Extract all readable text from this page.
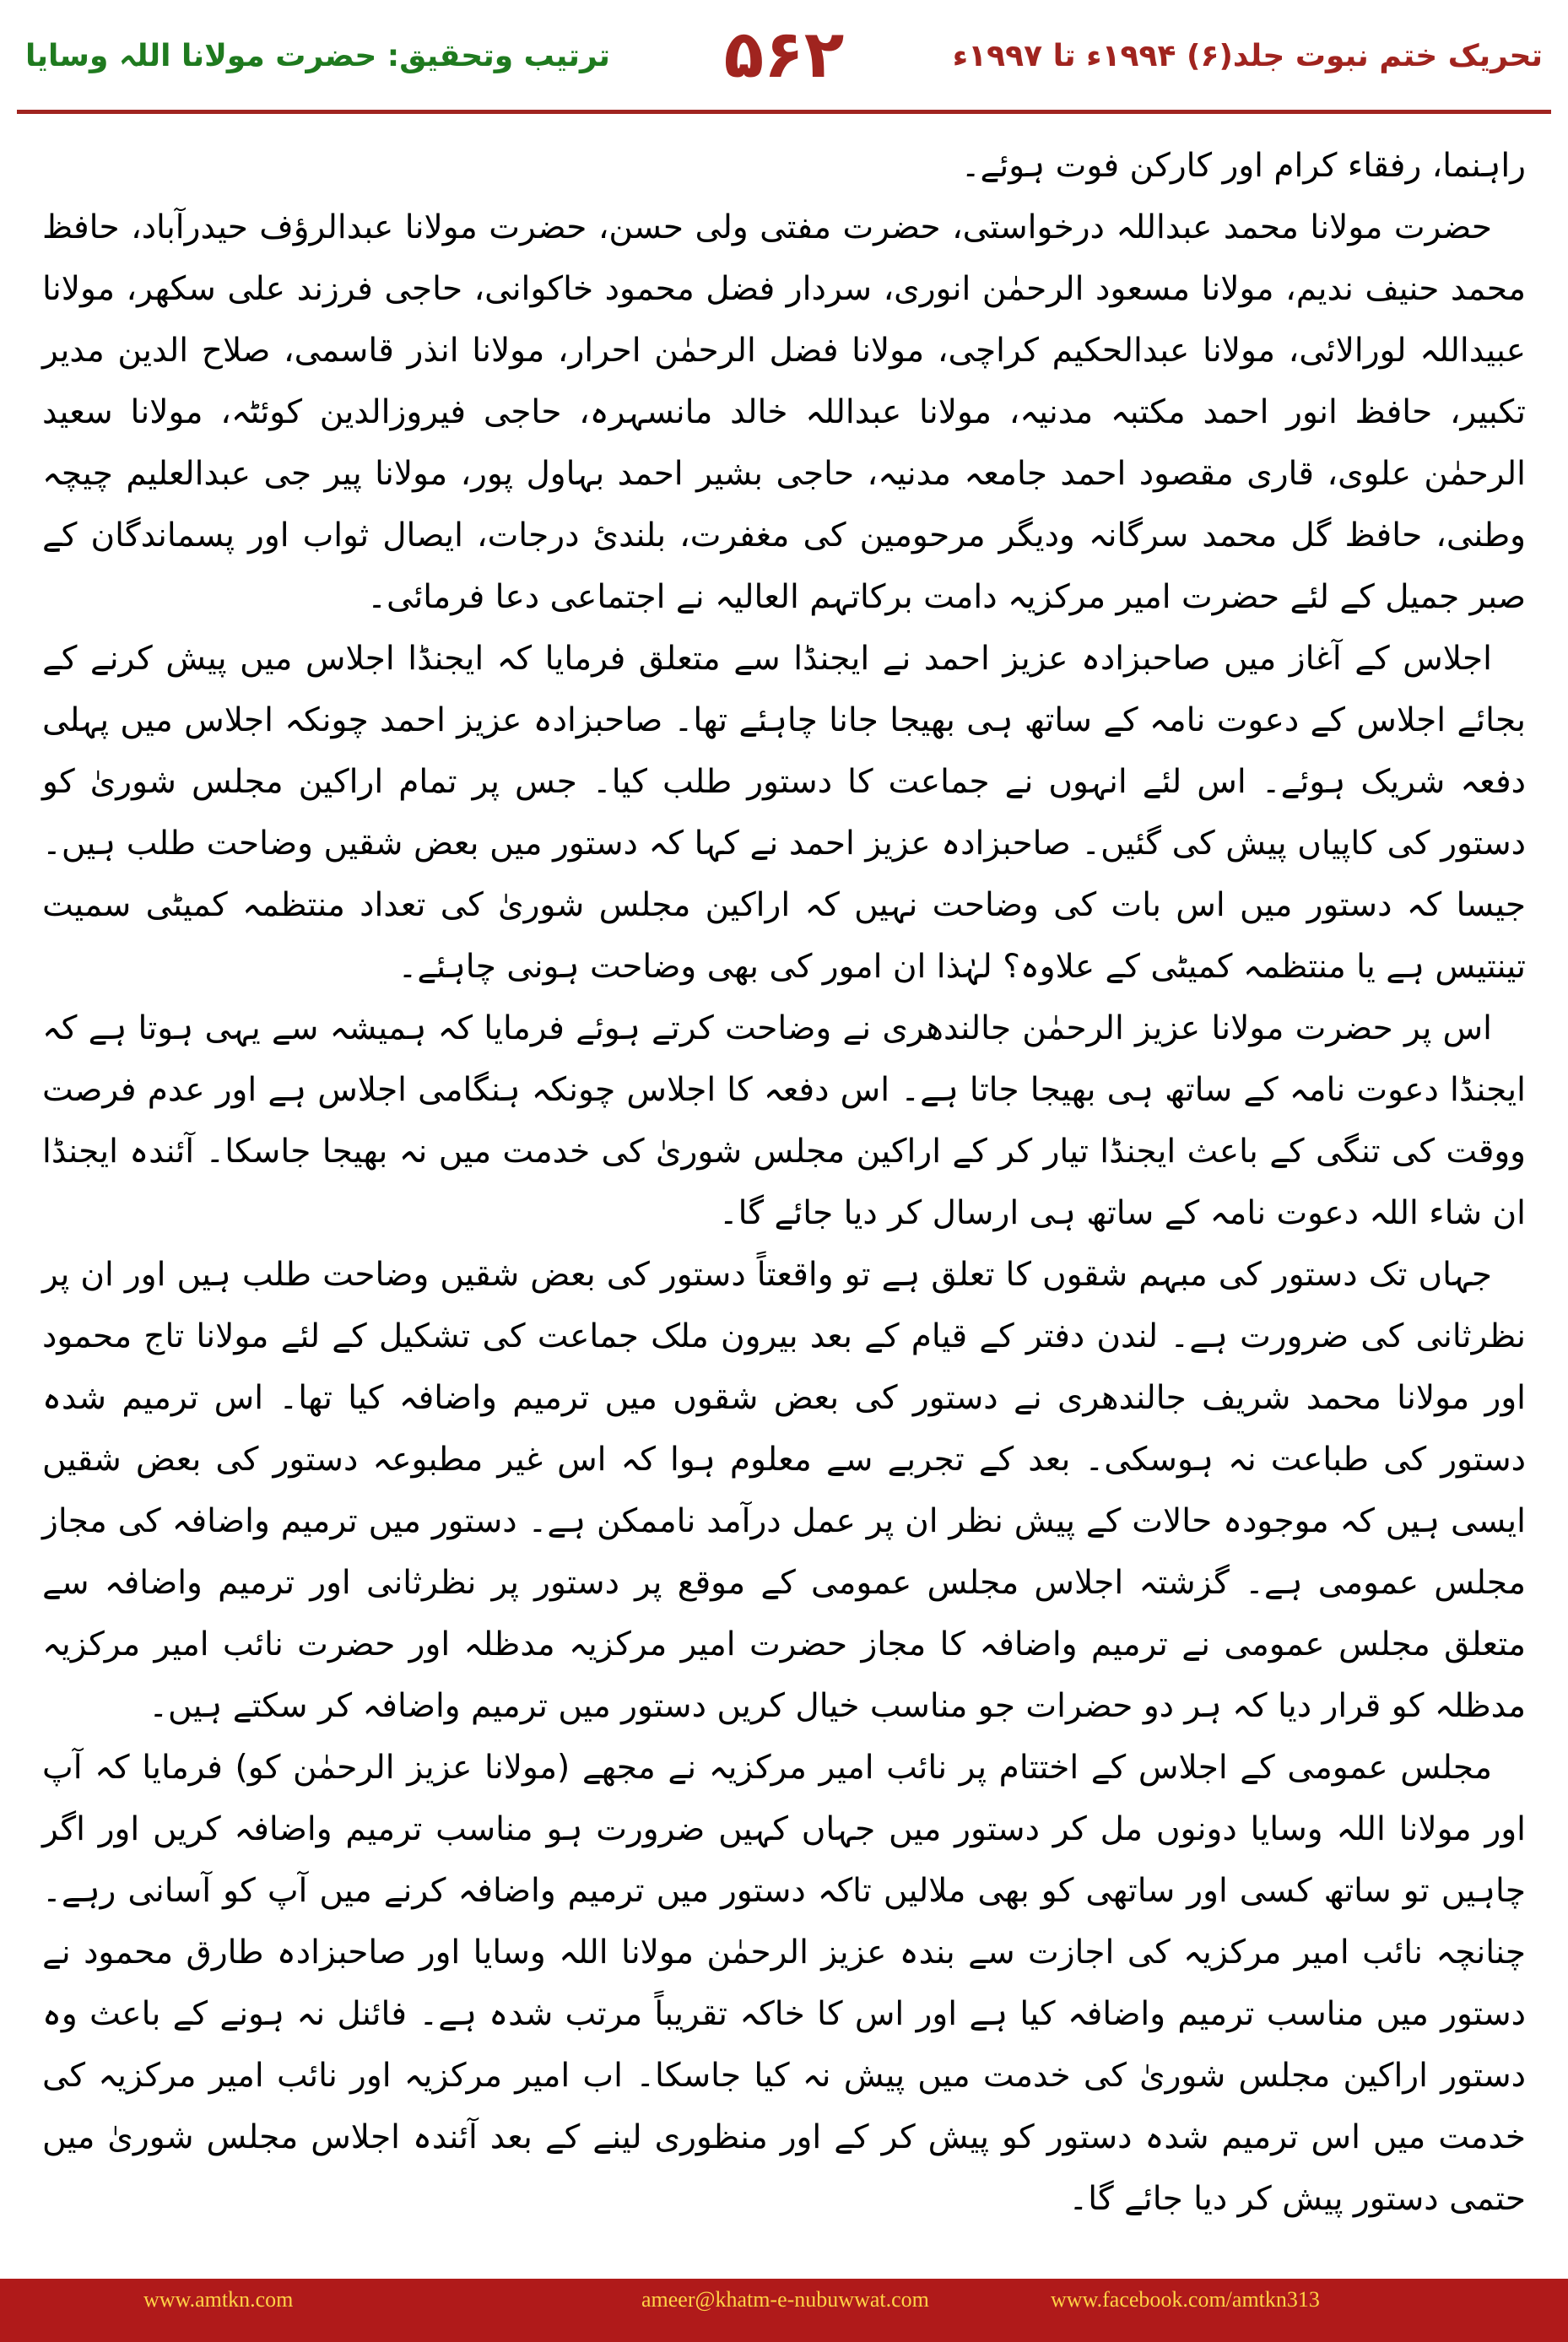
ترتیب وتحقیق: حضرت مولانا اللہ وسایا	۵۶۲	تحریک ختم نبوت جلد(۶) ۱۹۹۴ء تا ۱۹۹۷ء

راہنما، رفقاء کرام اور کارکن فوت ہوئے۔

حضرت مولانا محمد عبداللہ درخواستی، حضرت مفتی ولی حسن، حضرت مولانا عبدالرؤف حیدرآباد، حافظ محمد حنیف ندیم، مولانا مسعود الرحمٰن انوری، سردار فضل محمود خاکوانی، حاجی فرزند علی سکھر، مولانا عبیداللہ لورالائی، مولانا عبدالحکیم کراچی، مولانا فضل الرحمٰن احرار، مولانا انذر قاسمی، صلاح الدین مدیر تکبیر، حافظ انور احمد مکتبہ مدنیہ، مولانا عبداللہ خالد مانسہرہ، حاجی فیروزالدین کوئٹہ، مولانا سعید الرحمٰن علوی، قاری مقصود احمد جامعہ مدنیہ، حاجی بشیر احمد بہاول پور، مولانا پیر جی عبدالعلیم چیچہ وطنی، حافظ گل محمد سرگانہ ودیگر مرحومین کی مغفرت، بلندئ درجات، ایصال ثواب اور پسماندگان کے صبر جمیل کے لئے حضرت امیر مرکزیہ دامت برکاتہم العالیہ نے اجتماعی دعا فرمائی۔

اجلاس کے آغاز میں صاحبزادہ عزیز احمد نے ایجنڈا سے متعلق فرمایا کہ ایجنڈا اجلاس میں پیش کرنے کے بجائے اجلاس کے دعوت نامہ کے ساتھ ہی بھیجا جانا چاہئے تھا۔ صاحبزادہ عزیز احمد چونکہ اجلاس میں پہلی دفعہ شریک ہوئے۔ اس لئے انہوں نے جماعت کا دستور طلب کیا۔ جس پر تمام اراکین مجلس شوریٰ کو دستور کی کاپیاں پیش کی گئیں۔ صاحبزادہ عزیز احمد نے کہا کہ دستور میں بعض شقیں وضاحت طلب ہیں۔ جیسا کہ دستور میں اس بات کی وضاحت نہیں کہ اراکین مجلس شوریٰ کی تعداد منتظمہ کمیٹی سمیت تینتیس ہے یا منتظمہ کمیٹی کے علاوہ؟ لہٰذا ان امور کی بھی وضاحت ہونی چاہئے۔

اس پر حضرت مولانا عزیز الرحمٰن جالندھری نے وضاحت کرتے ہوئے فرمایا کہ ہمیشہ سے یہی ہوتا ہے کہ ایجنڈا دعوت نامہ کے ساتھ ہی بھیجا جاتا ہے۔ اس دفعہ کا اجلاس چونکہ ہنگامی اجلاس ہے اور عدم فرصت ووقت کی تنگی کے باعث ایجنڈا تیار کر کے اراکین مجلس شوریٰ کی خدمت میں نہ بھیجا جاسکا۔ آئندہ ایجنڈا ان شاء اللہ دعوت نامہ کے ساتھ ہی ارسال کر دیا جائے گا۔

جہاں تک دستور کی مبہم شقوں کا تعلق ہے تو واقعتاً دستور کی بعض شقیں وضاحت طلب ہیں اور ان پر نظرثانی کی ضرورت ہے۔ لندن دفتر کے قیام کے بعد بیرون ملک جماعت کی تشکیل کے لئے مولانا تاج محمود اور مولانا محمد شریف جالندھری نے دستور کی بعض شقوں میں ترمیم واضافہ کیا تھا۔ اس ترمیم شدہ دستور کی طباعت نہ ہوسکی۔ بعد کے تجربے سے معلوم ہوا کہ اس غیر مطبوعہ دستور کی بعض شقیں ایسی ہیں کہ موجودہ حالات کے پیش نظر ان پر عمل درآمد ناممکن ہے۔ دستور میں ترمیم واضافہ کی مجاز مجلس عمومی ہے۔ گزشتہ اجلاس مجلس عمومی کے موقع پر دستور پر نظرثانی اور ترمیم واضافہ سے متعلق مجلس عمومی نے ترمیم واضافہ کا مجاز حضرت امیر مرکزیہ مدظلہ اور حضرت نائب امیر مرکزیہ مدظلہ کو قرار دیا کہ ہر دو حضرات جو مناسب خیال کریں دستور میں ترمیم واضافہ کر سکتے ہیں۔

مجلس عمومی کے اجلاس کے اختتام پر نائب امیر مرکزیہ نے مجھے (مولانا عزیز الرحمٰن کو) فرمایا کہ آپ اور مولانا اللہ وسایا دونوں مل کر دستور میں جہاں کہیں ضرورت ہو مناسب ترمیم واضافہ کریں اور اگر چاہیں تو ساتھ کسی اور ساتھی کو بھی ملالیں تاکہ دستور میں ترمیم واضافہ کرنے میں آپ کو آسانی رہے۔ چنانچہ نائب امیر مرکزیہ کی اجازت سے بندہ عزیز الرحمٰن مولانا اللہ وسایا اور صاحبزادہ طارق محمود نے دستور میں مناسب ترمیم واضافہ کیا ہے اور اس کا خاکہ تقریباً مرتب شدہ ہے۔ فائنل نہ ہونے کے باعث وہ دستور اراکین مجلس شوریٰ کی خدمت میں پیش نہ کیا جاسکا۔ اب امیر مرکزیہ اور نائب امیر مرکزیہ کی خدمت میں اس ترمیم شدہ دستور کو پیش کر کے اور منظوری لینے کے بعد آئندہ اجلاس مجلس شوریٰ میں حتمی دستور پیش کر دیا جائے گا۔

www.amtkn.com	ameer@khatm-e-nubuwwat.com	www.facebook.com/amtkn313
